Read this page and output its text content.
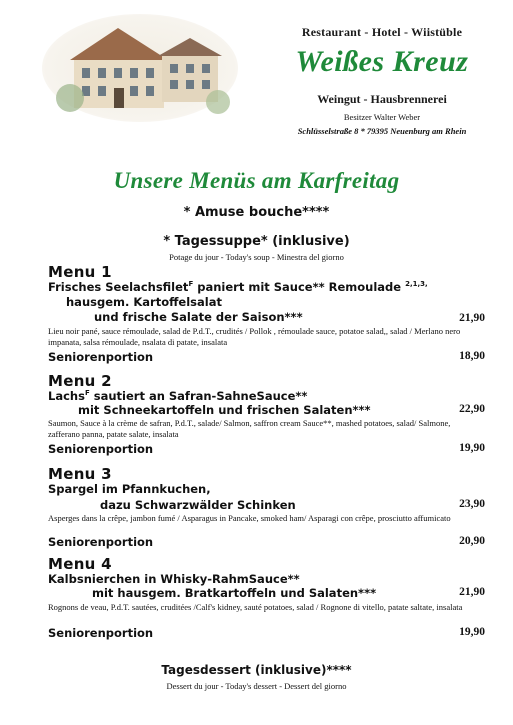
Restaurant - Hotel - Wiistüble
Weißes Kreuz
Weingut - Hausbrennerei
Besitzer Walter Weber
Schlüsselstraße 8 * 79395 Neuenburg am Rhein
Unsere Menüs am Karfreitag
* Amuse bouche****
* Tagessuppe* (inklusive)
Potage du jour - Today's soup - Minestra del giorno
Menu 1
Frisches Seelachsfilet$^F$ paniert mit Sauce** Remoulade $^{2,1,3,}$
hausgem. Kartoffelsalat
und frische Salate der Saison***	21,90
Lieu noir pané, sauce rémoulade, salad de P.d.T., crudités / Pollok , rémoulade sauce, potatoe salad,, salad / Merlano nero impanata, salsa rémoulade, nsalata di patate, insalata
Seniorenportion	18,90
Menu 2
Lachs$^F$ sautiert an Safran-SahneSauce**
mit Schneekartoffeln und frischen Salaten***	22,90
Saumon, Sauce à la crème de safran, P.d.T., salade/ Salmon, saffron cream Sauce**, mashed potatoes, salad/ Salmone, zafferano panna, patate salate, insalata
Seniorenportion	19,90
Menu 3
Spargel im Pfannkuchen,
dazu Schwarzwälder Schinken	23,90
Asperges dans la crêpe, jambon fumé / Asparagus in Pancake, smoked ham/ Asparagi con crêpe, prosciutto affumicato
Seniorenportion	20,90
Menu 4
Kalbsnierchen in Whisky-RahmSauce**
mit hausgem. Bratkartoffeln und Salaten***	21,90
Rognons de veau, P.d.T. sautées, cruditées /Calf's kidney, sauté potatoes, salad / Rognone di vitello, patate saltate, insalata
Seniorenportion	19,90
Tagesdessert (inklusive)****
Dessert du jour - Today's dessert - Dessert del giorno
